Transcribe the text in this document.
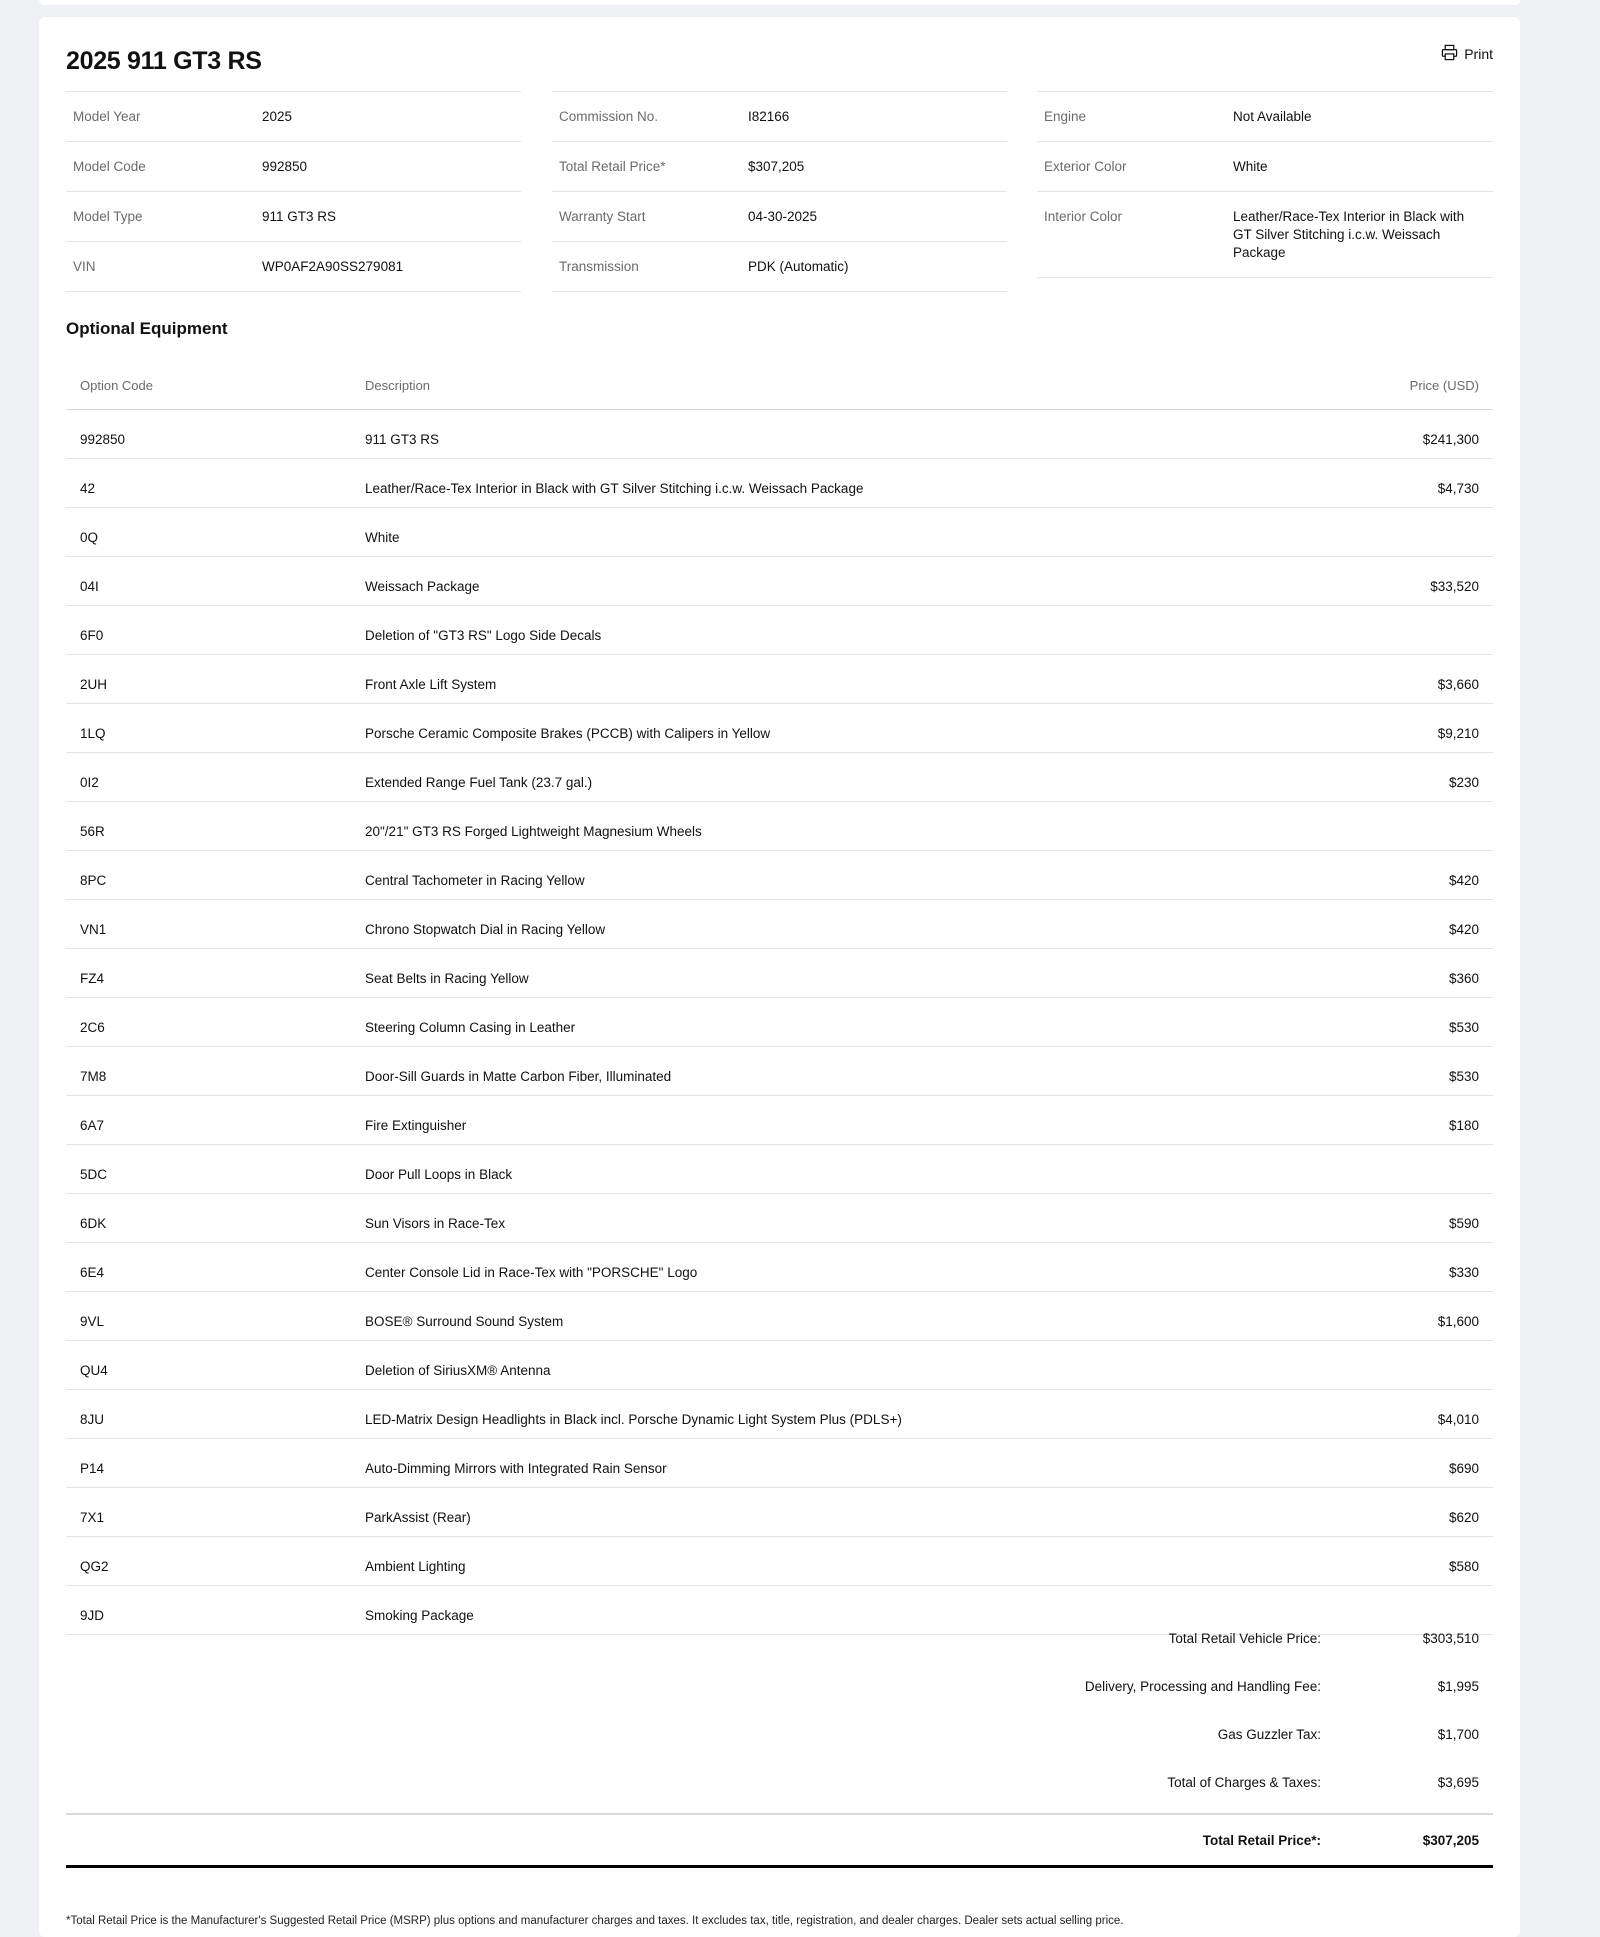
2025 911 GT3 RS	Print
Model Year	2025
Model Code	992850
Model Type	911 GT3 RS
VIN	WP0AF2A90SS279081
Commission No.	I82166
Total Retail Price*	$307,205
Warranty Start	04-30-2025
Transmission	PDK (Automatic)
Engine	Not Available
Exterior Color	White
Interior Color	Leather/Race-Tex Interior in Black with GT Silver Stitching i.c.w. Weissach Package
Optional Equipment
Option Code	Description	Price (USD)
992850	911 GT3 RS	$241,300
42	Leather/Race-Tex Interior in Black with GT Silver Stitching i.c.w. Weissach Package	$4,730
0Q	White
04I	Weissach Package	$33,520
6F0	Deletion of "GT3 RS" Logo Side Decals
2UH	Front Axle Lift System	$3,660
1LQ	Porsche Ceramic Composite Brakes (PCCB) with Calipers in Yellow	$9,210
0I2	Extended Range Fuel Tank (23.7 gal.)	$230
56R	20"/21" GT3 RS Forged Lightweight Magnesium Wheels
8PC	Central Tachometer in Racing Yellow	$420
VN1	Chrono Stopwatch Dial in Racing Yellow	$420
FZ4	Seat Belts in Racing Yellow	$360
2C6	Steering Column Casing in Leather	$530
7M8	Door-Sill Guards in Matte Carbon Fiber, Illuminated	$530
6A7	Fire Extinguisher	$180
5DC	Door Pull Loops in Black
6DK	Sun Visors in Race-Tex	$590
6E4	Center Console Lid in Race-Tex with "PORSCHE" Logo	$330
9VL	BOSE® Surround Sound System	$1,600
QU4	Deletion of SiriusXM® Antenna
8JU	LED-Matrix Design Headlights in Black incl. Porsche Dynamic Light System Plus (PDLS+)	$4,010
P14	Auto-Dimming Mirrors with Integrated Rain Sensor	$690
7X1	ParkAssist (Rear)	$620
QG2	Ambient Lighting	$580
9JD	Smoking Package
Total Retail Vehicle Price:	$303,510
Delivery, Processing and Handling Fee:	$1,995
Gas Guzzler Tax:	$1,700
Total of Charges & Taxes:	$3,695
Total Retail Price*:	$307,205
*Total Retail Price is the Manufacturer's Suggested Retail Price (MSRP) plus options and manufacturer charges and taxes. It excludes tax, title, registration, and dealer charges. Dealer sets actual selling price.
